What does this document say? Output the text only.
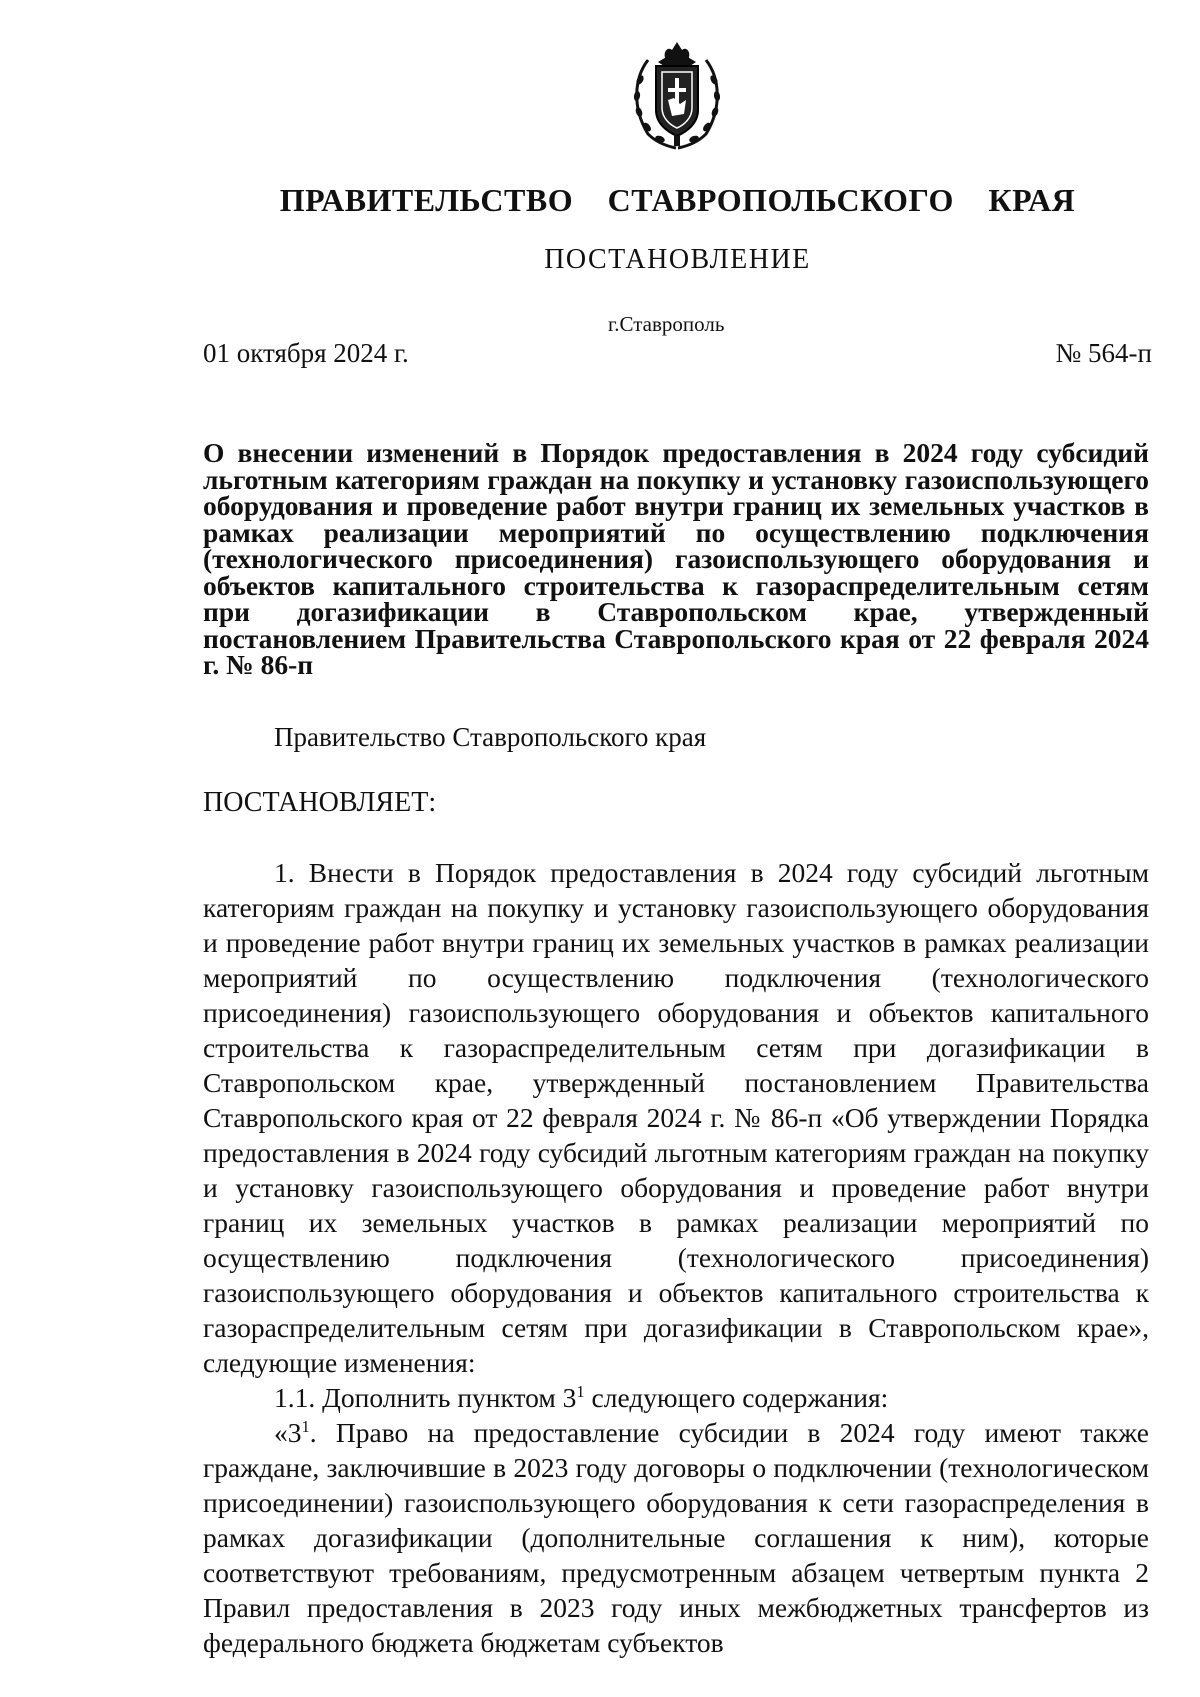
ПРАВИТЕЛЬСТВО СТАВРОПОЛЬСКОГО КРАЯ
ПОСТАНОВЛЕНИЕ
г.Ставрополь
01 октября 2024 г.	№ 564-п
О внесении изменений в Порядок предоставления в 2024 году субсидий льготным категориям граждан на покупку и установку газоиспользующего оборудования и проведение работ внутри границ их земельных участков в рамках реализации мероприятий по осуществлению подключения (технологического присоединения) газоиспользующего оборудования и объектов капитального строительства к газораспределительным сетям при догазификации в Ставропольском крае, утвержденный постановлением Правительства Ставропольского края от 22 февраля 2024 г. № 86-п
Правительство Ставропольского края
ПОСТАНОВЛЯЕТ:

1. Внести в Порядок предоставления в 2024 году субсидий льготным категориям граждан на покупку и установку газоиспользующего оборудования и проведение работ внутри границ их земельных участков в рамках реализации мероприятий по осуществлению подключения (технологического присоединения) газоиспользующего оборудования и объектов капитального строительства к газораспределительным сетям при догазификации в Ставропольском крае, утвержденный постановлением Правительства Ставропольского края от 22 февраля 2024 г. № 86-п «Об утверждении Порядка предоставления в 2024 году субсидий льготным категориям граждан на покупку и установку газоиспользующего оборудования и проведение работ внутри границ их земельных участков в рамках реализации мероприятий по осуществлению подключения (технологического присоединения) газоиспользующего оборудования и объектов капитального строительства к газораспределительным сетям при догазификации в Ставропольском крае», следующие изменения:

1.1. Дополнить пунктом $3^1$ следующего содержания:

«$3^1$. Право на предоставление субсидии в 2024 году имеют также граждане, заключившие в 2023 году договоры о подключении (технологическом присоединении) газоиспользующего оборудования к сети газораспределения в рамках догазификации (дополнительные соглашения к ним), которые соответствуют требованиям, предусмотренным абзацем четвертым пункта 2 Правил предоставления в 2023 году иных межбюджетных трансфертов из федерального бюджета бюджетам субъектов
